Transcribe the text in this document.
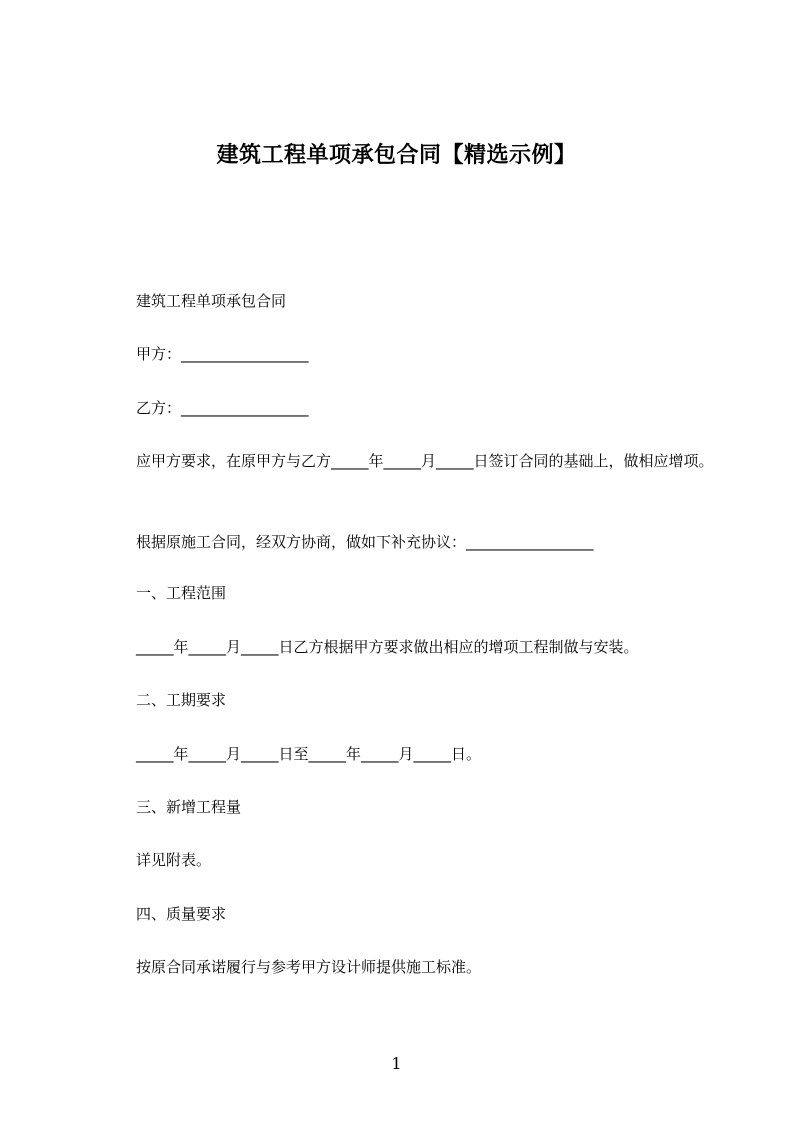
建筑工程单项承包合同【精选示例】
建筑工程单项承包合同
甲方：_________________
乙方：_________________
应甲方要求，在原甲方与乙方_____年_____月_____日签订合同的基础上，做相应增项。
根据原施工合同，经双方协商，做如下补充协议：_________________
一、工程范围
_____年_____月_____日乙方根据甲方要求做出相应的增项工程制做与安装。
二、工期要求
_____年_____月_____日至_____年_____月_____日。
三、新增工程量
详见附表。
四、质量要求
按原合同承诺履行与参考甲方设计师提供施工标准。
1
